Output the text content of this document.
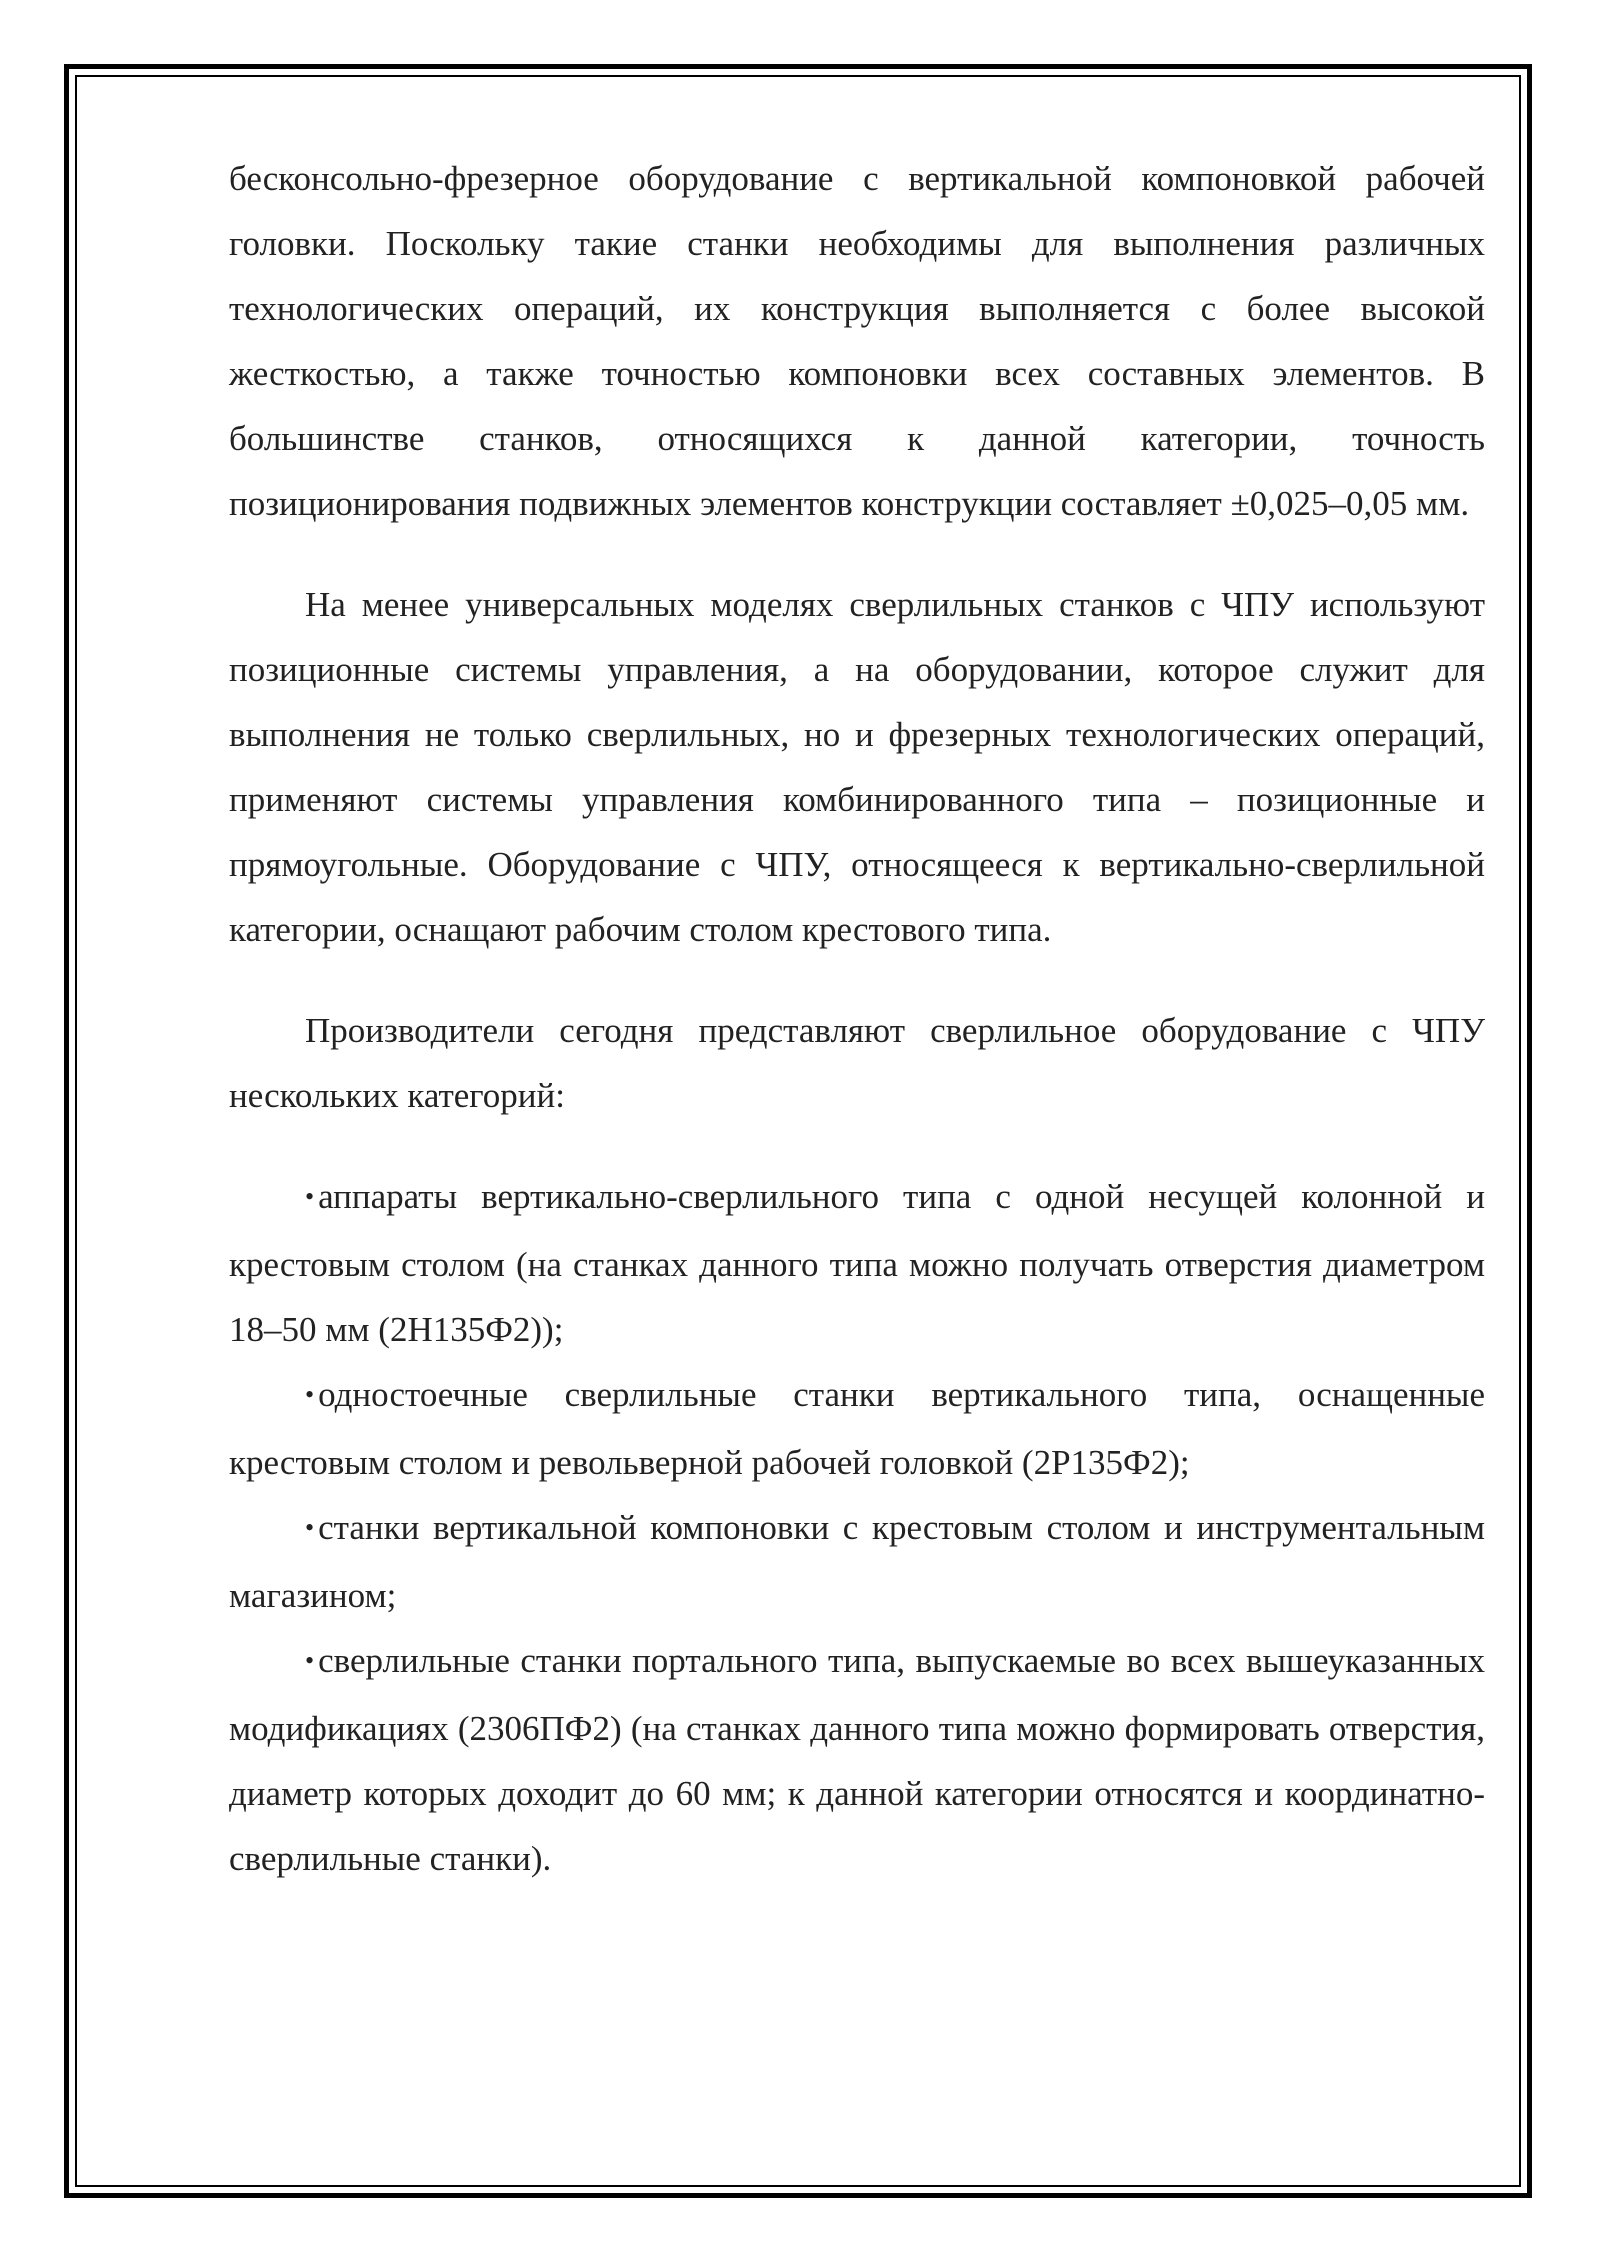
бесконсольно-фрезерное оборудование с вертикальной компоновкой рабочей головки. Поскольку такие станки необходимы для выполнения различных технологических операций, их конструкция выполняется с более высокой жесткостью, а также точностью компоновки всех составных элементов. В большинстве станков, относящихся к данной категории, точность позиционирования подвижных элементов конструкции составляет ±0,025–0,05 мм.

На менее универсальных моделях сверлильных станков с ЧПУ используют позиционные системы управления, а на оборудовании, которое служит для выполнения не только сверлильных, но и фрезерных технологических операций, применяют системы управления комбинированного типа – позиционные и прямоугольные. Оборудование с ЧПУ, относящееся к вертикально-сверлильной категории, оснащают рабочим столом крестового типа.

Производители сегодня представляют сверлильное оборудование с ЧПУ нескольких категорий:

• аппараты вертикально-сверлильного типа с одной несущей колонной и крестовым столом (на станках данного типа можно получать отверстия диаметром 18–50 мм (2Н135Ф2));

• одностоечные сверлильные станки вертикального типа, оснащенные крестовым столом и револьверной рабочей головкой (2Р135Ф2);

• станки вертикальной компоновки с крестовым столом и инструментальным магазином;

• сверлильные станки портального типа, выпускаемые во всех вышеуказанных модификациях (2306ПФ2) (на станках данного типа можно формировать отверстия, диаметр которых доходит до 60 мм; к данной категории относятся и координатно-сверлильные станки).
